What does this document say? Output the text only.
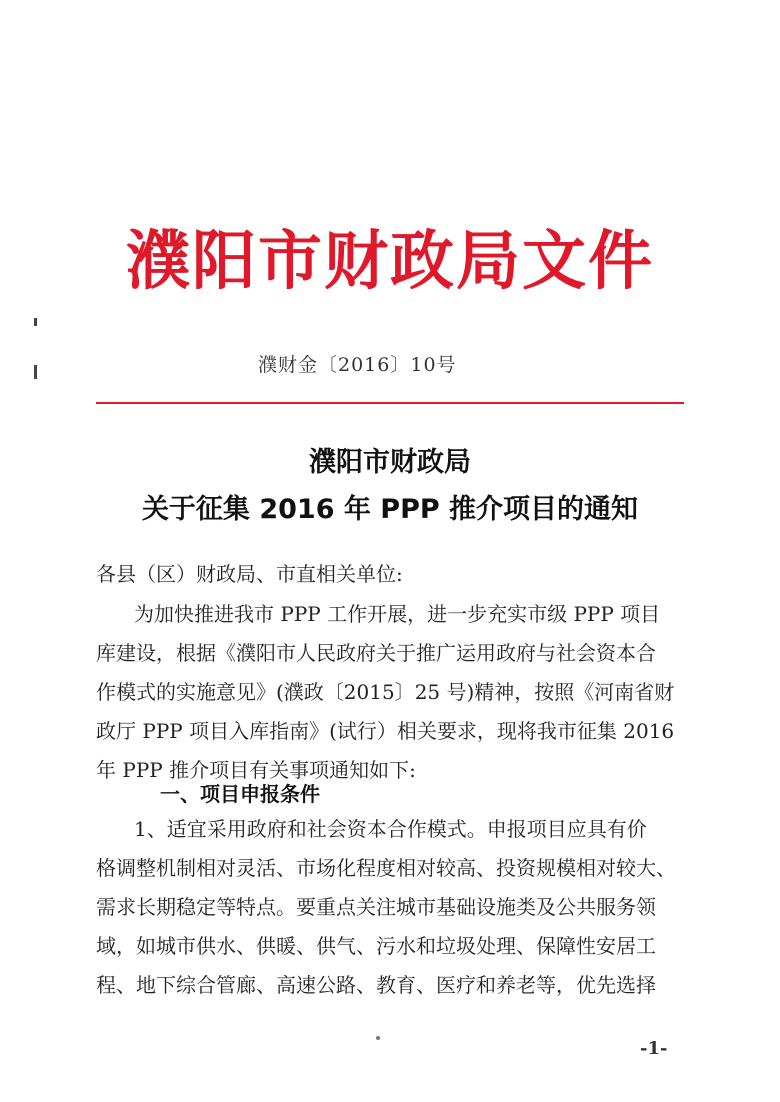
濮阳市财政局文件
濮财金〔2016〕10号
濮阳市财政局
关于征集 2016 年 PPP 推介项目的通知
各县（区）财政局、市直相关单位:
为加快推进我市 PPP 工作开展，进一步充实市级 PPP 项目
库建设，根据《濮阳市人民政府关于推广运用政府与社会资本合
作模式的实施意见》(濮政〔2015〕25 号)精神，按照《河南省财
政厅 PPP 项目入库指南》(试行）相关要求，现将我市征集 2016
年 PPP 推介项目有关事项通知如下:
一、项目申报条件
1、适宜采用政府和社会资本合作模式。申报项目应具有价
格调整机制相对灵活、市场化程度相对较高、投资规模相对较大、
需求长期稳定等特点。要重点关注城市基础设施类及公共服务领
域，如城市供水、供暖、供气、污水和垃圾处理、保障性安居工
程、地下综合管廊、高速公路、教育、医疗和养老等，优先选择
-1-
